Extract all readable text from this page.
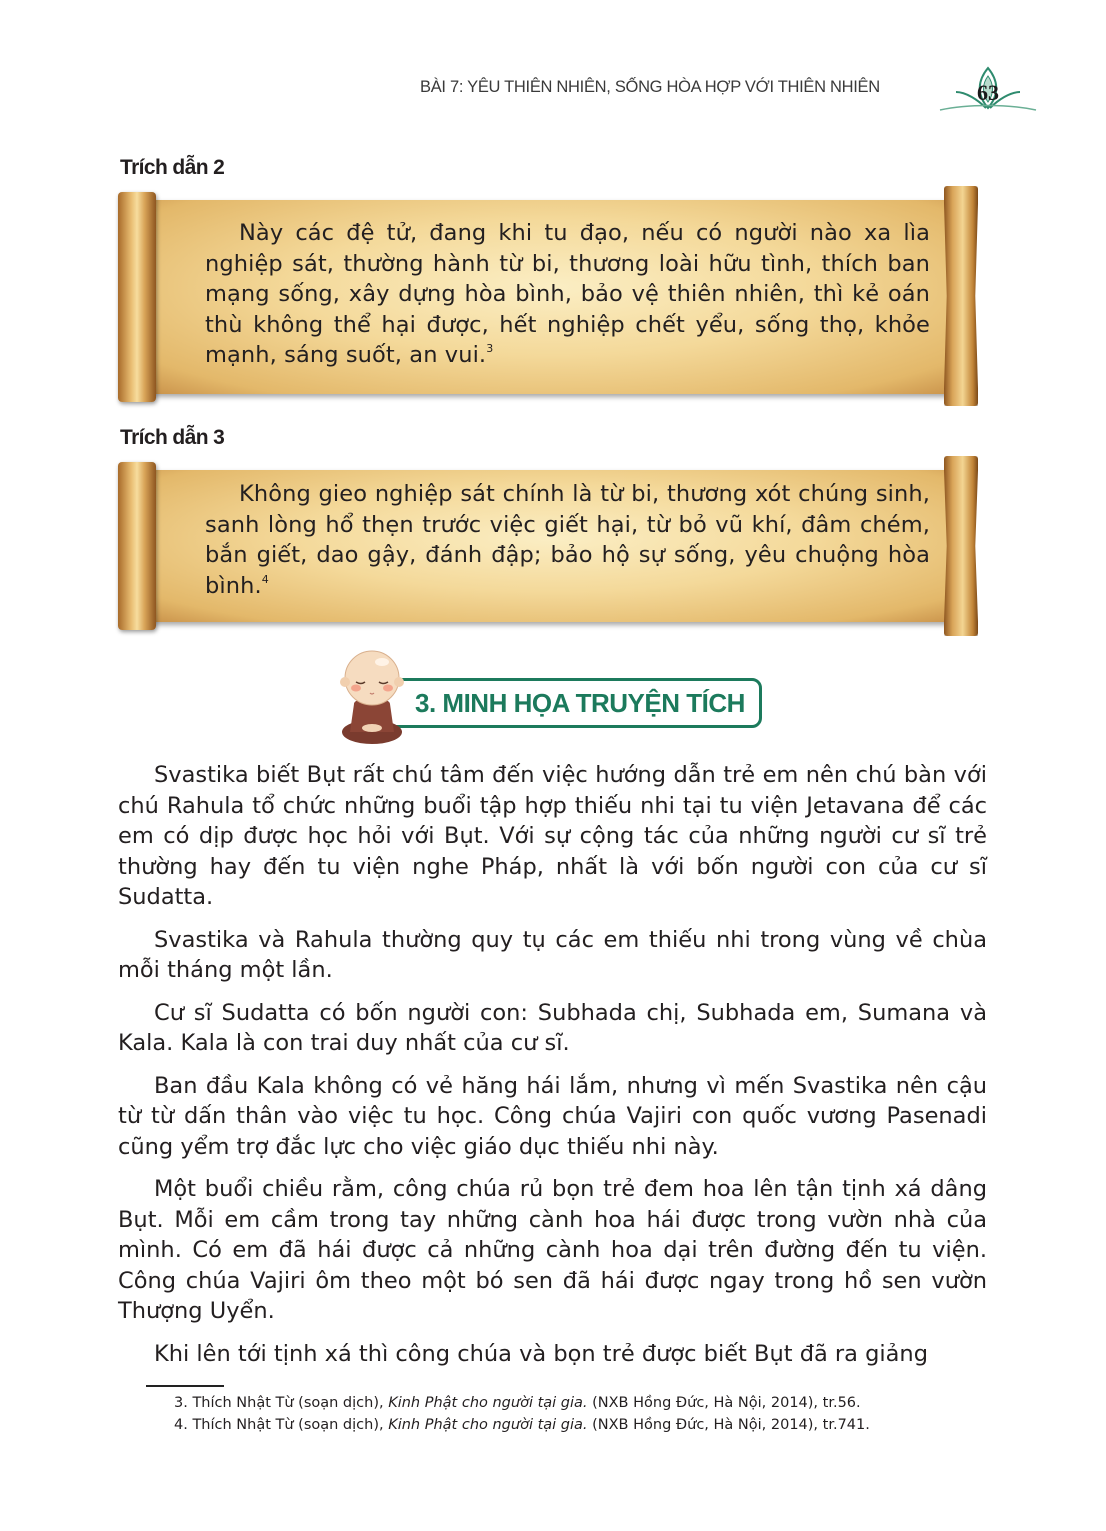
BÀI 7: YÊU THIÊN NHIÊN, SỐNG HÒA HỢP VỚI THIÊN NHIÊN	63
Trích dẫn 2
Này các đệ tử, đang khi tu đạo, nếu có người nào xa lìa nghiệp sát, thường hành từ bi, thương loài hữu tình, thích ban mạng sống, xây dựng hòa bình, bảo vệ thiên nhiên, thì kẻ oán thù không thể hại được, hết nghiệp chết yểu, sống thọ, khỏe mạnh, sáng suốt, an vui.$^3$
Trích dẫn 3
Không gieo nghiệp sát chính là từ bi, thương xót chúng sinh, sanh lòng hổ thẹn trước việc giết hại, từ bỏ vũ khí, đâm chém, bắn giết, dao gậy, đánh đập; bảo hộ sự sống, yêu chuộng hòa bình.$^4$
3. MINH HỌA TRUYỆN TÍCH

Svastika biết Bụt rất chú tâm đến việc hướng dẫn trẻ em nên chú bàn với chú Rahula tổ chức những buổi tập hợp thiếu nhi tại tu viện Jetavana để các em có dịp được học hỏi với Bụt. Với sự cộng tác của những người cư sĩ trẻ thường hay đến tu viện nghe Pháp, nhất là với bốn người con của cư sĩ Sudatta.

Svastika và Rahula thường quy tụ các em thiếu nhi trong vùng về chùa mỗi tháng một lần.

Cư sĩ Sudatta có bốn người con: Subhada chị, Subhada em, Sumana và Kala. Kala là con trai duy nhất của cư sĩ.

Ban đầu Kala không có vẻ hăng hái lắm, nhưng vì mến Svastika nên cậu từ từ dấn thân vào việc tu học. Công chúa Vajiri con quốc vương Pasenadi cũng yểm trợ đắc lực cho việc giáo dục thiếu nhi này.

Một buổi chiều rằm, công chúa rủ bọn trẻ đem hoa lên tận tịnh xá dâng Bụt. Mỗi em cầm trong tay những cành hoa hái được trong vườn nhà của mình. Có em đã hái được cả những cành hoa dại trên đường đến tu viện. Công chúa Vajiri ôm theo một bó sen đã hái được ngay trong hồ sen vườn Thượng Uyển.

Khi lên tới tịnh xá thì công chúa và bọn trẻ được biết Bụt đã ra giảng

3. Thích Nhật Từ (soạn dịch), Kinh Phật cho người tại gia. (NXB Hồng Đức, Hà Nội, 2014), tr.56.
4. Thích Nhật Từ (soạn dịch), Kinh Phật cho người tại gia. (NXB Hồng Đức, Hà Nội, 2014), tr.741.
